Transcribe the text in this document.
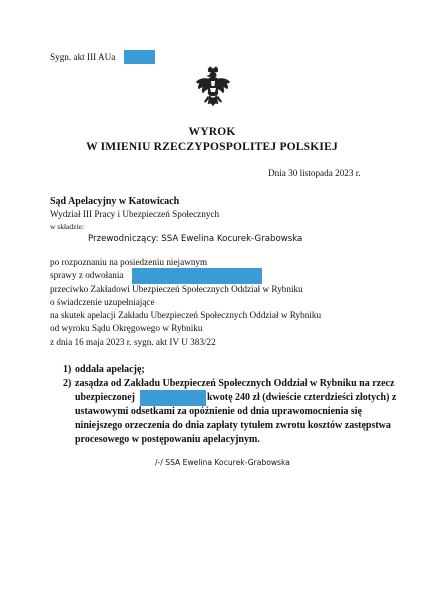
Sygn. akt III AUa
WYROK
W IMIENIU RZECZYPOSPOLITEJ POLSKIEJ
Dnia 30 listopada 2023 r.
Sąd Apelacyjny w Katowicach
Wydział III Pracy i Ubezpieczeń Społecznych
w składzie:
Przewodniczący: SSA Ewelina Kocurek-Grabowska
po rozpoznaniu na posiedzeniu niejawnym
sprawy z odwołania
przeciwko Zakładowi Ubezpieczeń Społecznych Oddział w Rybniku
o świadczenie uzupełniające
na skutek apelacji Zakładu Ubezpieczeń Społecznych Oddział w Rybniku
od wyroku Sądu Okręgowego w Rybniku
z dnia 16 maja 2023 r. sygn. akt IV U 383/22
1) oddala apelację;
2) zasądza od Zakładu Ubezpieczeń Społecznych Oddział w Rybniku na rzecz
ubezpieczonej	kwotę 240 zł (dwieście czterdzieści złotych) z
ustawowymi odsetkami za opóźnienie od dnia uprawomocnienia się
niniejszego orzeczenia do dnia zapłaty tytułem zwrotu kosztów zastępstwa
procesowego w postępowaniu apelacyjnym.
/-/ SSA Ewelina Kocurek-Grabowska
